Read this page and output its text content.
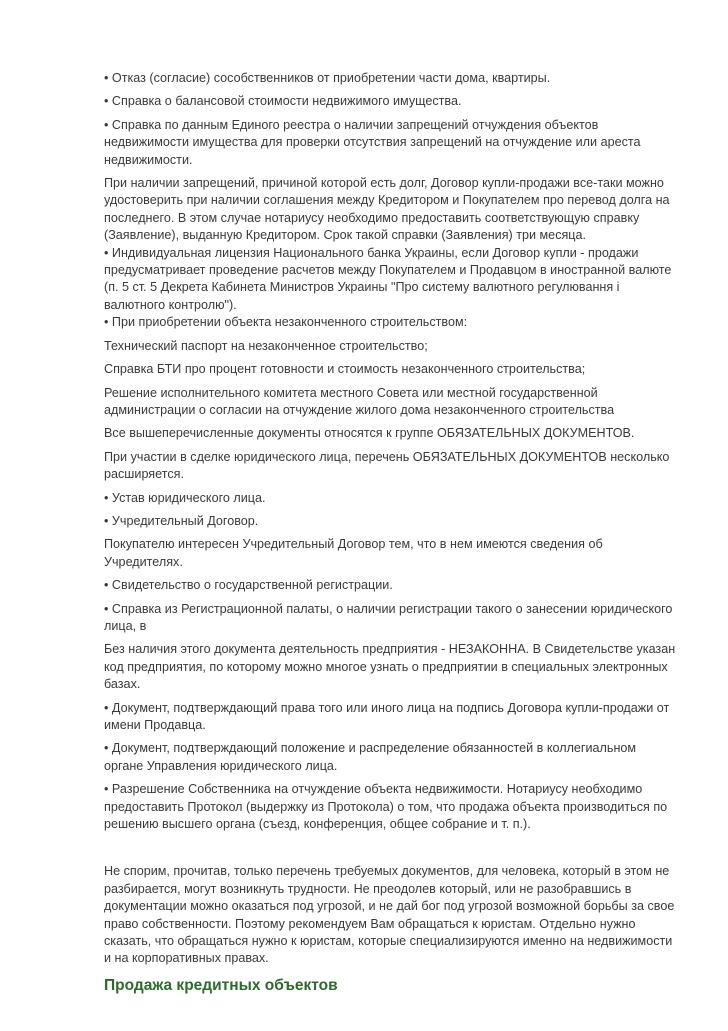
• Отказ (согласие) сособственников от приобретении части дома, квартиры.

• Справка о балансовой стоимости недвижимого имущества.

• Справка по данным Единого реестра о наличии запрещений отчуждения объектов недвижимости имущества для проверки отсутствия запрещений на отчуждение или ареста недвижимости.

При наличии запрещений, причиной которой есть долг, Договор купли-продажи все-таки можно удостоверить при наличии соглашения между Кредитором и Покупателем про перевод долга на последнего. В этом случае нотариусу необходимо предоставить соответствующую справку (Заявление), выданную Кредитором. Срок такой справки (Заявления) три месяца.

• Индивидуальная лицензия Национального банка Украины, если Договор купли - продажи предусматривает проведение расчетов между Покупателем и Продавцом в иностранной валюте (п. 5 ст. 5 Декрета Кабинета Министров Украины "Про систему валютного регулювання і валютного контролю").

• При приобретении объекта незаконченного строительством:

Технический паспорт на незаконченное строительство;

Справка БТИ про процент готовности и стоимость незаконченного строительства;

Решение исполнительного комитета местного Совета или местной государственной администрации о согласии на отчуждение жилого дома незаконченного строительства

Все вышеперечисленные документы относятся к группе ОБЯЗАТЕЛЬНЫХ ДОКУМЕНТОВ.

При участии в сделке юридического лица, перечень ОБЯЗАТЕЛЬНЫХ ДОКУМЕНТОВ несколько расширяется.

• Устав юридического лица.

• Учредительный Договор.

Покупателю интересен Учредительный Договор тем, что в нем имеются сведения об Учредителях.

• Свидетельство о государственной регистрации.

• Справка из Регистрационной палаты, о наличии регистрации такого о занесении юридического лица, в

Без наличия этого документа деятельность предприятия - НЕЗАКОННА. В Свидетельстве указан код предприятия, по которому можно многое узнать о предприятии в специальных электронных базах.

• Документ, подтверждающий права того или иного лица на подпись Договора купли-продажи от имени Продавца.

• Документ, подтверждающий положение и распределение обязанностей в коллегиальном органе Управления юридического лица.

• Разрешение Собственника на отчуждение объекта недвижимости. Нотариусу необходимо предоставить Протокол (выдержку из Протокола) о том, что продажа объекта производиться по решению высшего органа (съезд, конференция, общее собрание и т. п.).

Не спорим, прочитав, только перечень требуемых документов, для человека, который в этом не разбирается, могут возникнуть трудности. Не преодолев который, или не разобравшись в документации можно оказаться под угрозой, и не дай бог под угрозой возможной борьбы за свое право собственности. Поэтому рекомендуем Вам обращаться к юристам. Отдельно нужно сказать, что обращаться нужно к юристам, которые специализируются именно на недвижимости и на корпоративных правах.

Продажа кредитных объектов
